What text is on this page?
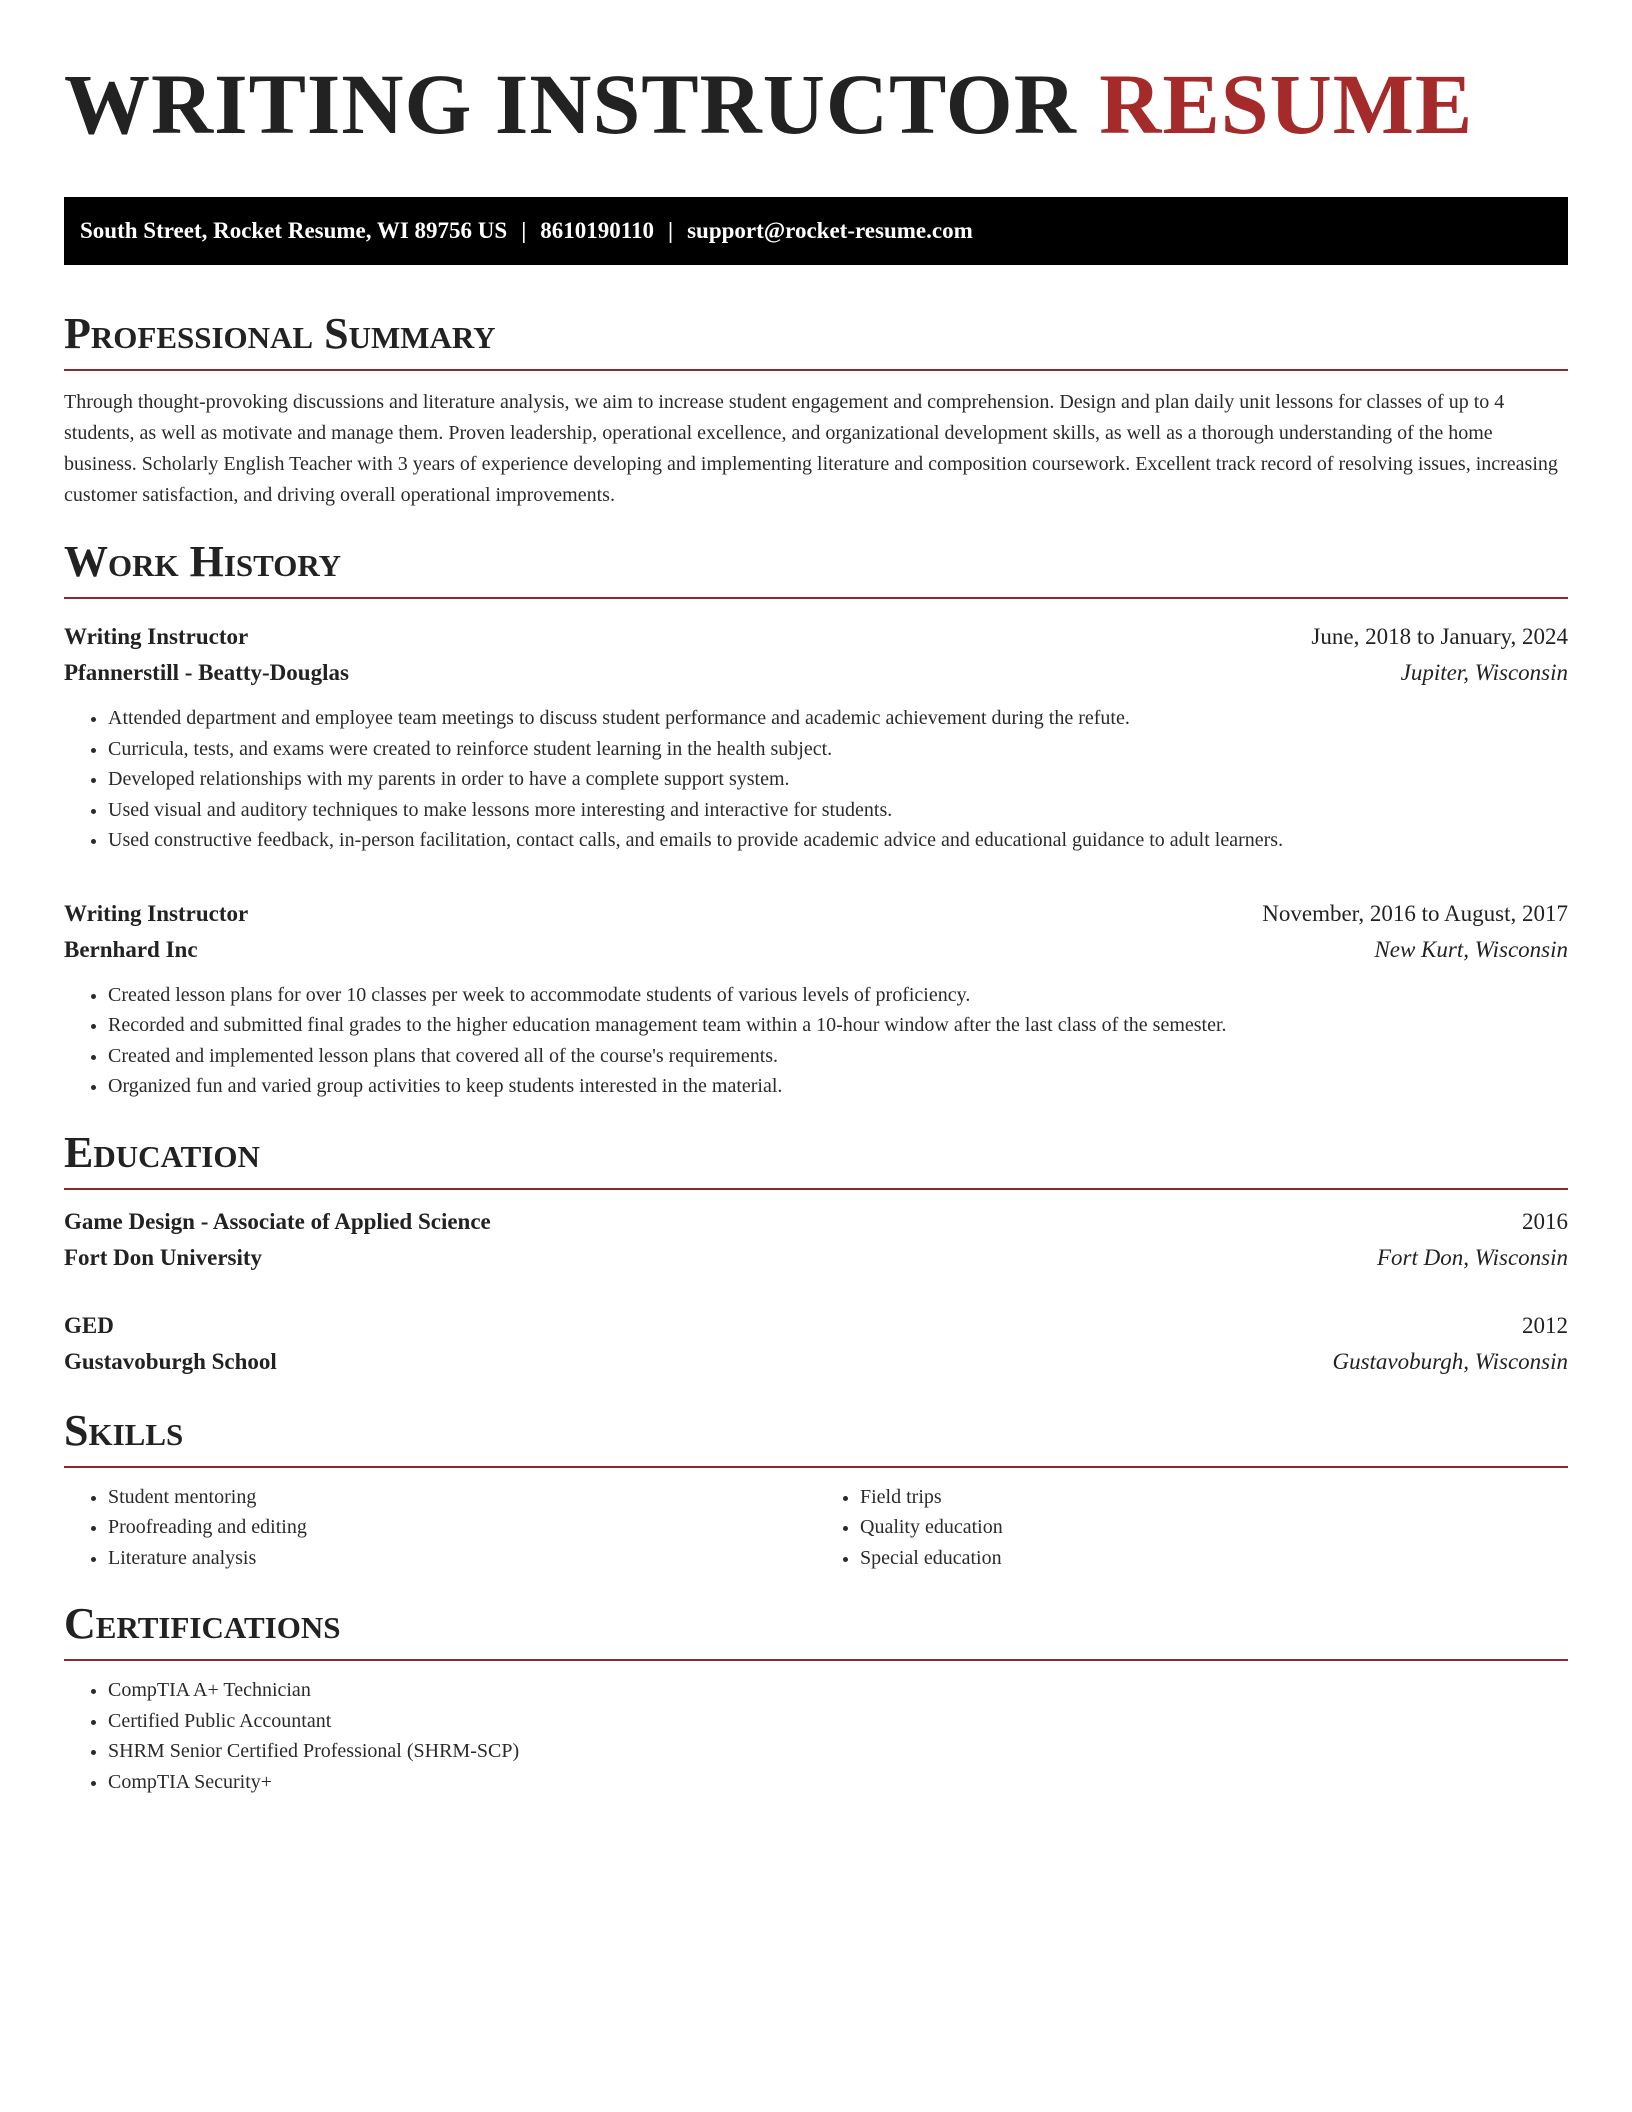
WRITING INSTRUCTOR RESUME
South Street, Rocket Resume, WI 89756 US | 8610190110 | support@rocket-resume.com
Professional Summary

Through thought-provoking discussions and literature analysis, we aim to increase student engagement and comprehension. Design and plan daily unit lessons for classes of up to 4 students, as well as motivate and manage them. Proven leadership, operational excellence, and organizational development skills, as well as a thorough understanding of the home business. Scholarly English Teacher with 3 years of experience developing and implementing literature and composition coursework. Excellent track record of resolving issues, increasing customer satisfaction, and driving overall operational improvements.

Work History
Writing Instructor	June, 2018 to January, 2024
Pfannerstill - Beatty-Douglas	Jupiter, Wisconsin
• Attended department and employee team meetings to discuss student performance and academic achievement during the refute.
• Curricula, tests, and exams were created to reinforce student learning in the health subject.
• Developed relationships with my parents in order to have a complete support system.
• Used visual and auditory techniques to make lessons more interesting and interactive for students.
• Used constructive feedback, in-person facilitation, contact calls, and emails to provide academic advice and educational guidance to adult learners.
Writing Instructor	November, 2016 to August, 2017
Bernhard Inc	New Kurt, Wisconsin
• Created lesson plans for over 10 classes per week to accommodate students of various levels of proficiency.
• Recorded and submitted final grades to the higher education management team within a 10-hour window after the last class of the semester.
• Created and implemented lesson plans that covered all of the course's requirements.
• Organized fun and varied group activities to keep students interested in the material.
Education
Game Design - Associate of Applied Science	2016
Fort Don University	Fort Don, Wisconsin
GED	2012
Gustavoburgh School	Gustavoburgh, Wisconsin
Skills
• Student mentoring
• Proofreading and editing
• Literature analysis
• Field trips
• Quality education
• Special education
Certifications
• CompTIA A+ Technician
• Certified Public Accountant
• SHRM Senior Certified Professional (SHRM-SCP)
• CompTIA Security+
